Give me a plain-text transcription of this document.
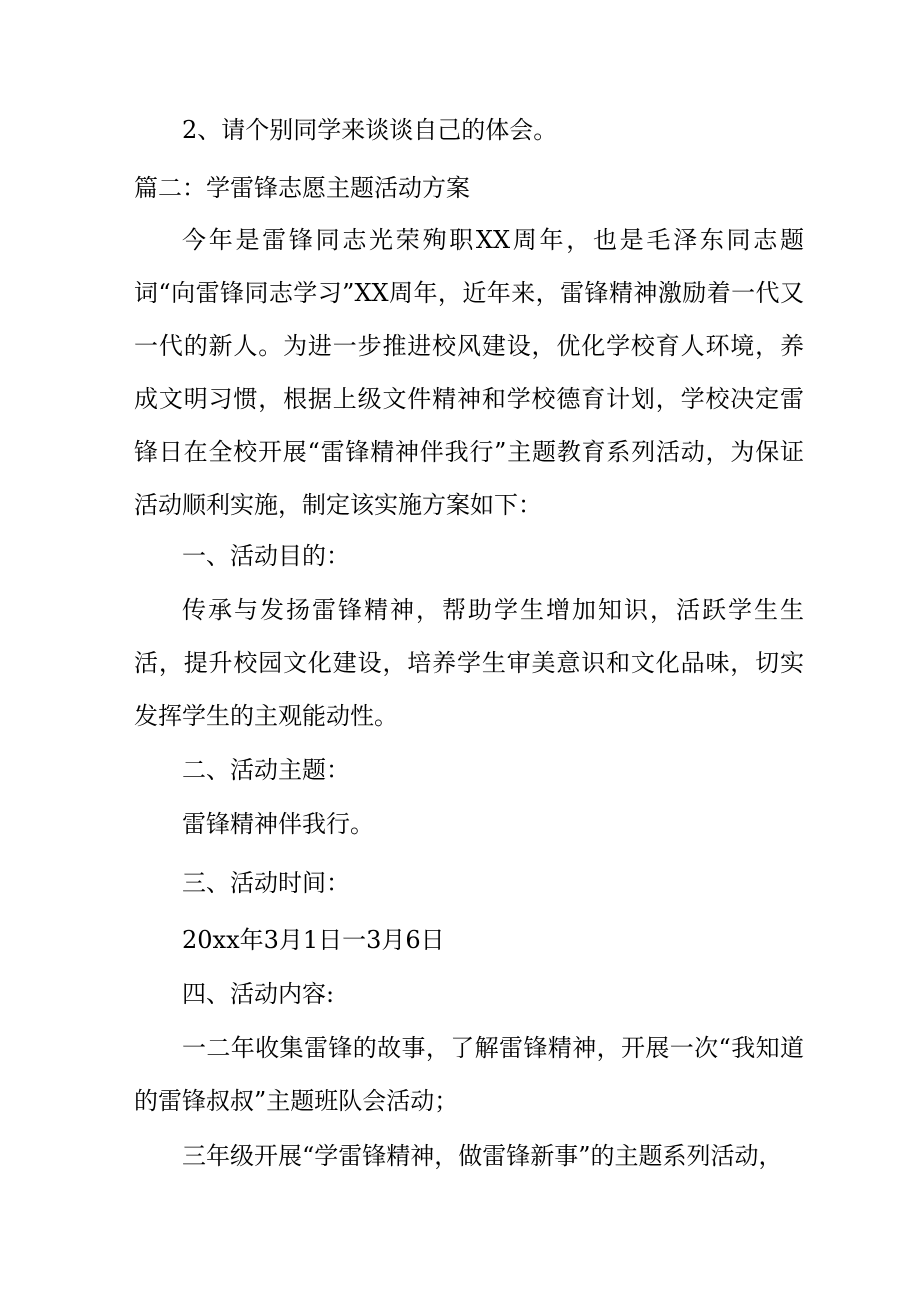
2、请个别同学来谈谈自己的体会。
篇二：学雷锋志愿主题活动方案
今年是雷锋同志光荣殉职XX周年，也是毛泽东同志题词“向雷锋同志学习”XX周年，近年来，雷锋精神激励着一代又一代的新人。为进一步推进校风建设，优化学校育人环境，养成文明习惯，根据上级文件精神和学校德育计划，学校决定雷锋日在全校开展“雷锋精神伴我行”主题教育系列活动，为保证活动顺利实施，制定该实施方案如下：
一、活动目的：
传承与发扬雷锋精神，帮助学生增加知识，活跃学生生活，提升校园文化建设，培养学生审美意识和文化品味，切实发挥学生的主观能动性。
二、活动主题：
雷锋精神伴我行。
三、活动时间：
20xx年3月1日一3月6日
四、活动内容:
一二年收集雷锋的故事，了解雷锋精神，开展一次“我知道的雷锋叔叔”主题班队会活动；
三年级开展“学雷锋精神，做雷锋新事”的主题系列活动，
